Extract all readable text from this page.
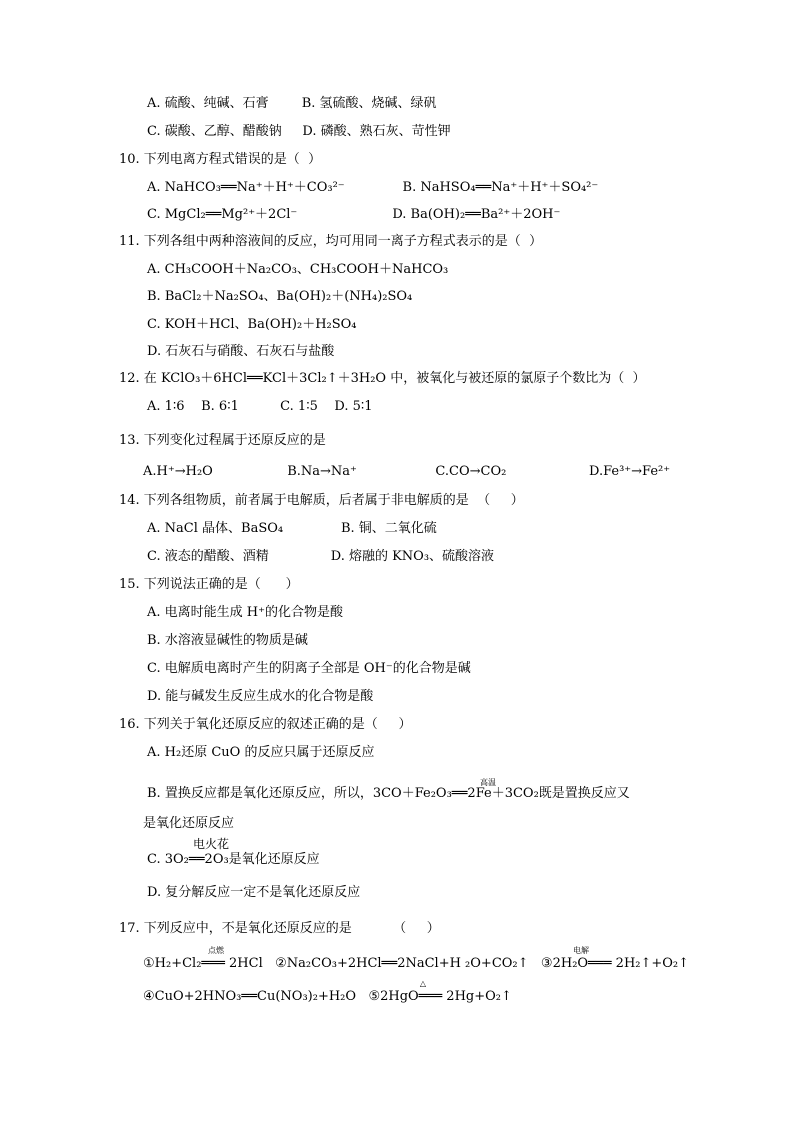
A. 硫酸、纯碱、石膏        B. 氢硫酸、烧碱、绿矾
C. 碳酸、乙醇、醋酸钠     D. 磷酸、熟石灰、苛性钾
10. 下列电离方程式错误的是（  ）
A. NaHCO₃══Na⁺＋H⁺＋CO₃²⁻              B. NaHSO₄══Na⁺＋H⁺＋SO₄²⁻
C. MgCl₂══Mg²⁺＋2Cl⁻                       D. Ba(OH)₂══Ba²⁺＋2OH⁻
11. 下列各组中两种溶液间的反应，均可用同一离子方程式表示的是（  ）
A. CH₃COOH＋Na₂CO₃、CH₃COOH＋NaHCO₃
B. BaCl₂＋Na₂SO₄、Ba(OH)₂＋(NH₄)₂SO₄
C. KOH＋HCl、Ba(OH)₂＋H₂SO₄
D. 石灰石与硝酸、石灰石与盐酸
12. 在 KClO₃＋6HCl══KCl＋3Cl₂↑＋3H₂O 中，被氧化与被还原的氯原子个数比为（  ）
A. 1∶6    B. 6∶1          C. 1∶5    D. 5∶1
13. 下列变化过程属于还原反应的是
A.H⁺→H₂O                  B.Na→Na⁺                   C.CO→CO₂                    D.Fe³⁺→Fe²⁺
14. 下列各组物质，前者属于电解质，后者属于非电解质的是  （     ）
A. NaCl 晶体、BaSO₄              B. 铜、二氧化硫
C. 液态的醋酸、酒精               D. 熔融的 KNO₃、硫酸溶液
15. 下列说法正确的是（      ）
A. 电离时能生成 H⁺的化合物是酸
B. 水溶液显碱性的物质是碱
C. 电解质电离时产生的阴离子全部是 OH⁻的化合物是碱
D. 能与碱发生反应生成水的化合物是酸
16. 下列关于氧化还原反应的叙述正确的是（     ）
A. H₂还原 CuO 的反应只属于还原反应
高温
B. 置换反应都是氧化还原反应，所以，3CO＋Fe₂O₃══2Fe＋3CO₂既是置换反应又
是氧化还原反应
电火花
C. 3O₂══2O₃是氧化还原反应
D. 复分解反应一定不是氧化还原反应
17. 下列反应中，不是氧化还原反应的是          （     ）
点燃	电解
①H₂+Cl₂═══ 2HCl   ②Na₂CO₃+2HCl══2NaCl+H ₂O+CO₂↑   ③2H₂O═══ 2H₂↑+O₂↑
△
④CuO+2HNO₃══Cu(NO₃)₂+H₂O   ⑤2HgO═══ 2Hg+O₂↑
